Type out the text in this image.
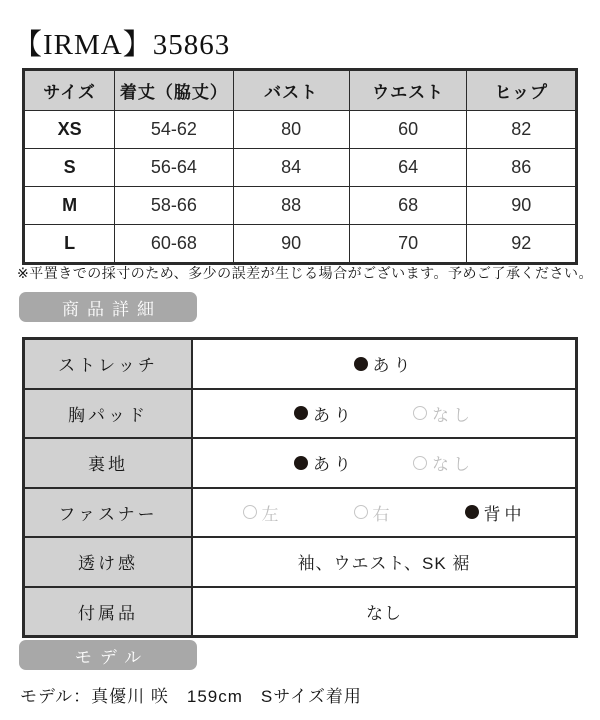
【IRMA】35863
サイズ	着丈（脇丈）	バスト	ウエスト	ヒップ
XS	54-62	80	60	82
S	56-64	84	64	86
M	58-66	88	68	90
L	60-68	90	70	92
※平置きでの採寸のため、多少の誤差が生じる場合がございます。予めご了承ください。
商品詳細
ストレッチ	あり
胸パッド	あり	なし
裏地	あり	なし
ファスナー	左	右	背中
透け感	袖、ウエスト、SK 裾
付属品	なし
モデル
モデル：真優川 咲　159cm　Sサイズ着用
